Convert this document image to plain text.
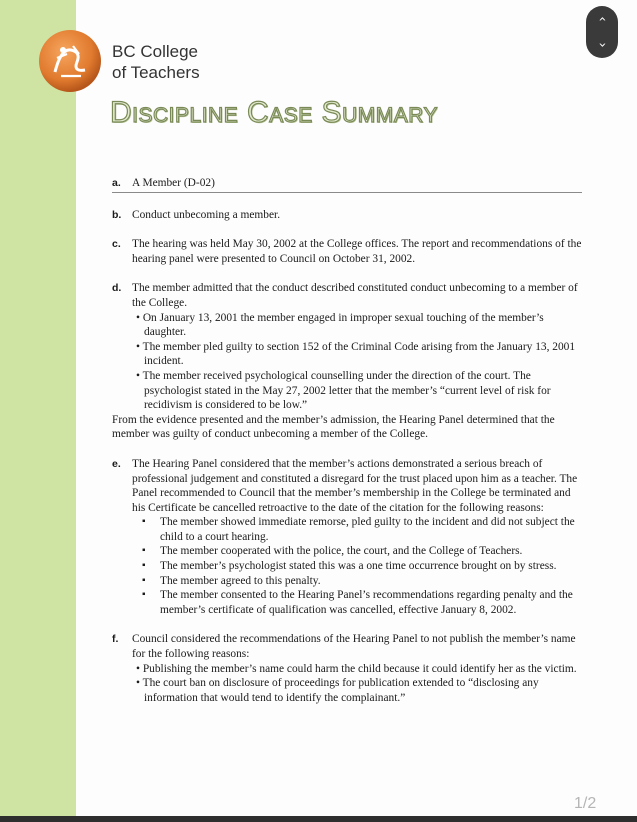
BC College
of Teachers
Discipline Case Summary
a. A Member (D-02)
b. Conduct unbecoming a member.
c. The hearing was held May 30, 2002 at the College offices. The report and recommendations of the hearing panel were presented to Council on October 31, 2002.
d. The member admitted that the conduct described constituted conduct unbecoming to a member of the College.
• On January 13, 2001 the member engaged in improper sexual touching of the member’s daughter.
• The member pled guilty to section 152 of the Criminal Code arising from the January 13, 2001 incident.
• The member received psychological counselling under the direction of the court. The psychologist stated in the May 27, 2002 letter that the member’s “current level of risk for recidivism is considered to be low.”
From the evidence presented and the member’s admission, the Hearing Panel determined that the member was guilty of conduct unbecoming a member of the College.
e. The Hearing Panel considered that the member’s actions demonstrated a serious breach of professional judgement and constituted a disregard for the trust placed upon him as a teacher. The Panel recommended to Council that the member’s membership in the College be terminated and his Certificate be cancelled retroactive to the date of the citation for the following reasons:
▪ The member showed immediate remorse, pled guilty to the incident and did not subject the child to a court hearing.
▪ The member cooperated with the police, the court, and the College of Teachers.
▪ The member’s psychologist stated this was a one time occurrence brought on by stress.
▪ The member agreed to this penalty.
▪ The member consented to the Hearing Panel’s recommendations regarding penalty and the member’s certificate of qualification was cancelled, effective January 8, 2002.
f. Council considered the recommendations of the Hearing Panel to not publish the member’s name for the following reasons:
• Publishing the member’s name could harm the child because it could identify her as the victim.
• The court ban on disclosure of proceedings for publication extended to “disclosing any information that would tend to identify the complainant.”
‹
›
1/2
